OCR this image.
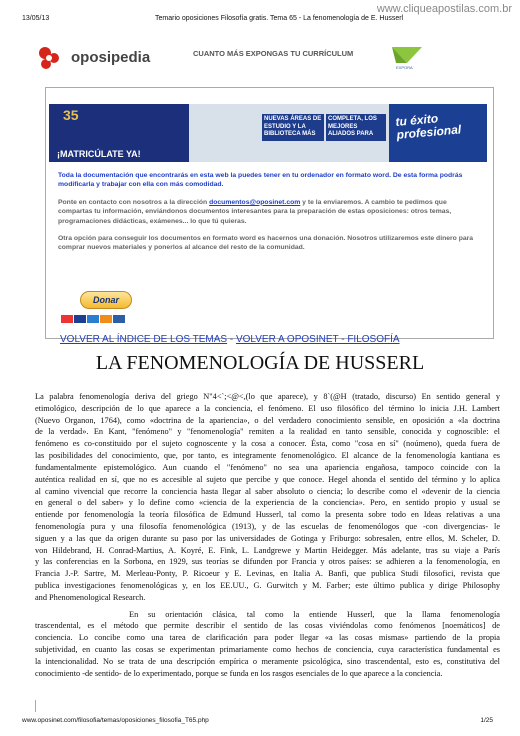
13/05/13	Temario oposiciones Filosofía gratis. Tema 65 - La fenomenología de E. Husserl
www.cliqueapostilas.com.br
oposipedia	CUANTO MÁS EXPONGAS TU CURRÍCULUM
EXPORA
35
¡MATRICÚLATE YA!
NUEVAS ÁREAS DE ESTUDIO Y LA BIBLIOTECA MÁS
COMPLETA, LOS MEJORES ALIADOS PARA
tu éxito profesional

Toda la documentación que encontrarás en esta web la puedes tener en tu ordenador en formato word. De esta forma podrás modificarla y trabajar con ella con más comodidad.

Ponte en contacto con nosotros a la dirección documentos@oposinet.com y te la enviaremos. A cambio te pedimos que compartas tu información, enviándonos documentos interesantes para la preparación de estas oposiciones: otros temas, programaciones didácticas, exámenes... lo que tú quieras.

Otra opción para conseguir los documentos en formato word es hacernos una donación. Nosotros utilizaremos este dinero para comprar nuevos materiales y ponerlos al alcance del resto de la comunidad.

Donar
VOLVER AL ÍNDICE DE LOS TEMAS - VOLVER A OPOSINET - FILOSOFÍA
LA FENOMENOLOGÍA DE HUSSERL
La palabra fenomenología deriva del griego N"4<`;<@<,(lo que aparece), y 8`(@H (tratado, discurso) En sentido general y
etimológico, descripción de lo que aparece a la conciencia, el fenómeno. El uso filosófico del término lo inicia J.H. Lambert
(Nuevo Organon, 1764), como «doctrina de la apariencia», o del verdadero conocimiento sensible, en oposición a «la doctrina
de la verdad». En Kant, "fenómeno" y "fenomenología" remiten a la realidad en tanto sensible, conocida y cognoscible: el
fenómeno es co-constituido por el sujeto cognoscente y la cosa a conocer. Ésta, como "cosa en sí" (noúmeno), queda fuera de
las posibilidades del conocimiento, que, por tanto, es integramente fenomenológico. El alcance de la fenomenología kantiana es
fundamentalmente epistemológico. Aun cuando el "fenómeno" no sea una apariencia engañosa, tampoco coincide con la
auténtica realidad en sí, que no es accesible al sujeto que percibe y que conoce. Hegel ahonda el sentido del término y lo aplica
al camino vivencial que recorre la conciencia hasta llegar al saber absoluto o ciencia; lo describe como el «devenir de la ciencia
en general o del saber» y lo define como «ciencia de la experiencia de la conciencia». Pero, en sentido propio y usual se
entiende por fenomenología la teoría filosófica de Edmund Husserl, tal como la presenta sobre todo en Ideas relativas a una
fenomenología pura y una filosofía fenomenológica (1913), y de las escuelas de fenomenólogos que -con divergencias- le
siguen y a las que da origen durante su paso por las universidades de Gotinga y Friburgo: sobresalen, entre ellos, M. Scheler, D.
von Hildebrand, H. Conrad-Martius, A. Koyré, E. Fink, L. Landgrewe y Martin Heidegger. Más adelante, tras su viaje a París
y las conferencias en la Sorbona, en 1929, sus teorías se difunden por Francia y otros países: se adhieren a la fenomenología, en
Francia J.-P. Sartre, M. Merleau-Ponty, P. Ricoeur y E. Levinas, en Italia A. Banfi, que publica Studi filosofici, revista que
publica investigaciones fenomenológicas y, en los EE.UU., G. Gurwitch y M. Farber; este último publica y dirige Philosophy
and Phenomenological Research.
En su orientación clásica, tal como la entiende Husserl, que la llama fenomenología
trascendental, es el método que permite describir el sentido de las cosas viviéndolas como fenómenos [noemáticos] de
conciencia. Lo concibe como una tarea de clarificación para poder llegar «a las cosas mismas» partiendo de la propia
subjetividad, en cuanto las cosas se experimentan primariamente como hechos de conciencia, cuya característica fundamental es
la intencionalidad. No se trata de una descripción empírica o meramente psicológica, sino trascendental, esto es, constitutiva del
conocimiento -de sentido- de lo experimentado, porque se funda en los rasgos esenciales de lo que aparece a la conciencia.
www.oposinet.com/filosofia/temas/oposiciones_filosofia_T65.php	1/25
